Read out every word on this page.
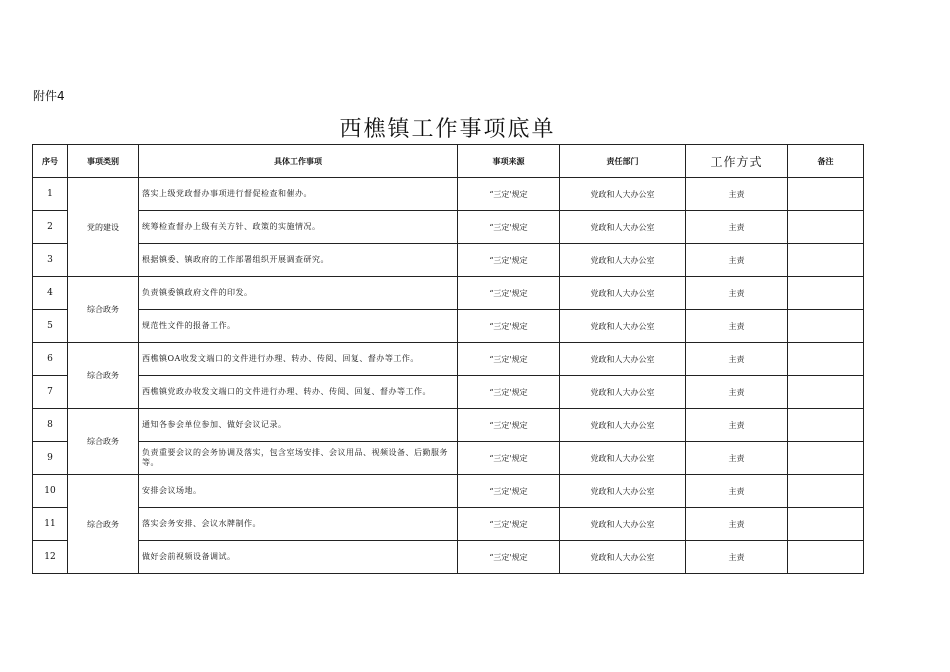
附件4
西樵镇工作事项底单
序号	事项类别	具体工作事项	事项来源	责任部门	工作方式	备注
1	党的建设	落实上级党政督办事项进行督促检查和催办。	“三定'规定	党政和人大办公室	主责	
2		统筹检查督办上级有关方针、政策的实施情况。	“三定'规定	党政和人大办公室	主责	
3		根据镇委、镇政府的工作部署组织开展调查研究。	“三定'规定	党政和人大办公室	主责	
4	综合政务	负责镇委镇政府文件的印发。	“三定'规定	党政和人大办公室	主责	
5		规范性文件的报备工作。	“三定'规定	党政和人大办公室	主责	
6	综合政务	西樵镇OA收发文端口的文件进行办理、转办、传阅、回复、督办等工作。	“三定'规定	党政和人大办公室	主责	
7		西樵镇党政办收发文端口的文件进行办理、转办、传阅、回复、督办等工作。	“三定'规定	党政和人大办公室	主责	
8	综合政务	通知各参会单位参加、做好会议记录。	“三定'规定	党政和人大办公室	主责	
9		负责重要会议的会务协调及落实，包含室场安排、会议用品、视频设备、后勤服务等。	“三定'规定	党政和人大办公室	主责	
10	综合政务	安排会议场地。	“三定'规定	党政和人大办公室	主责	
11		落实会务安排、会议水牌制作。	“三定'规定	党政和人大办公室	主责	
12		做好会前视频设备调试。	“三定'规定	党政和人大办公室	主责	
